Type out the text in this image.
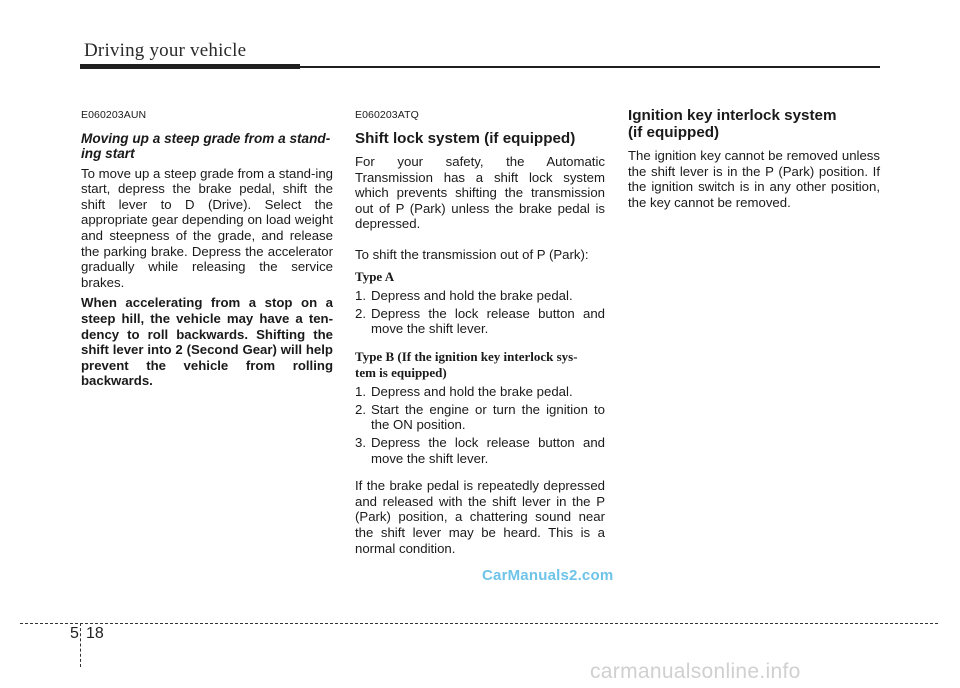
Driving your vehicle
E060203AUN
Moving up a steep grade from a stand-
ing start

To move up a steep grade from a stand-ing start, depress the brake pedal, shift the shift lever to D (Drive). Select the appropriate gear depending on load weight and steepness of the grade, and release the parking brake. Depress the accelerator gradually while releasing the service brakes.

When accelerating from a stop on a steep hill, the vehicle may have a ten-dency to roll backwards. Shifting the shift lever into 2 (Second Gear) will help prevent the vehicle from rolling backwards.

E060203ATQ
Shift lock system (if equipped)

For your safety, the Automatic Transmission has a shift lock system which prevents shifting the transmission out of P (Park) unless the brake pedal is depressed.

To shift the transmission out of P (Park):

Type A
1. Depress and hold the brake pedal.
2. Depress the lock release button and move the shift lever.
Type B (If the ignition key interlock sys-
tem is equipped)
1. Depress and hold the brake pedal.
2. Start the engine or turn the ignition to the ON position.
3. Depress the lock release button and move the shift lever.

If the brake pedal is repeatedly depressed and released with the shift lever in the P (Park) position, a chattering sound near the shift lever may be heard. This is a normal condition.

Ignition key interlock system
(if equipped)

The ignition key cannot be removed unless the shift lever is in the P (Park) position. If the ignition switch is in any other position, the key cannot be removed.

CarManuals2.com
5 18
carmanualsonline.info
